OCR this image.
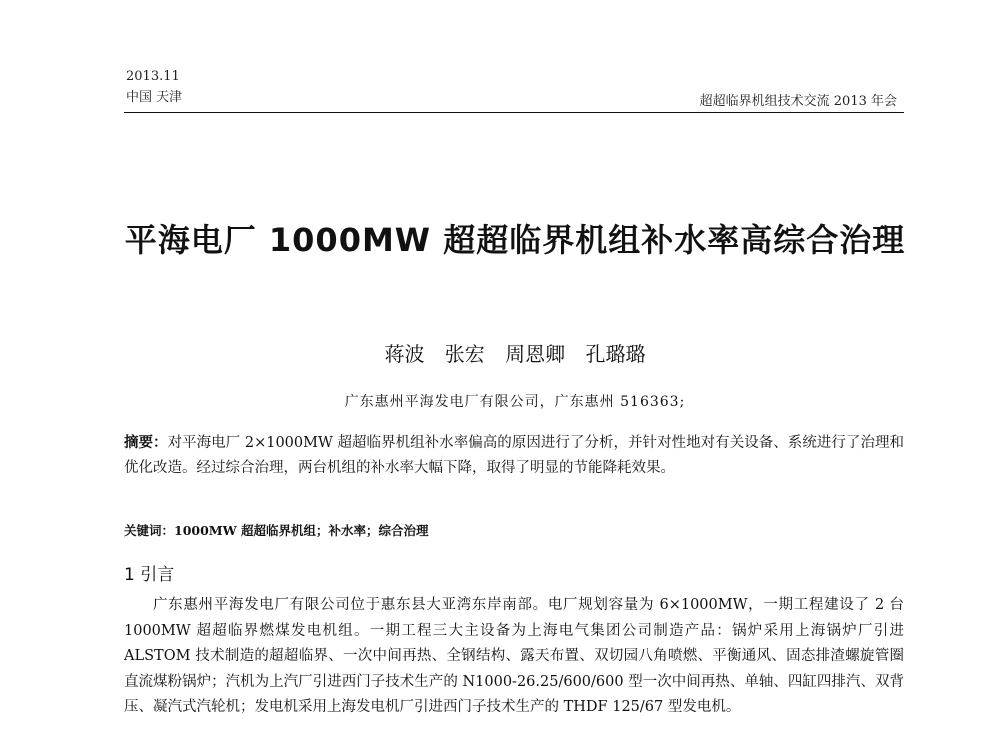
2013.11
中国 天津	超超临界机组技术交流 2013 年会
平海电厂 1000MW 超超临界机组补水率高综合治理
蒋波 张宏 周恩卿 孔璐璐
广东惠州平海发电厂有限公司，广东惠州 516363;
摘要：对平海电厂 2×1000MW 超超临界机组补水率偏高的原因进行了分析，并针对性地对有关设备、系统进行了治理和优化改造。经过综合治理，两台机组的补水率大幅下降，取得了明显的节能降耗效果。
关键词：1000MW 超超临界机组；补水率；综合治理
1 引言

广东惠州平海发电厂有限公司位于惠东县大亚湾东岸南部。电厂规划容量为 6×1000MW，一期工程建设了 2 台 1000MW 超超临界燃煤发电机组。一期工程三大主设备为上海电气集团公司制造产品：锅炉采用上海锅炉厂引进 ALSTOM 技术制造的超超临界、一次中间再热、全钢结构、露天布置、双切园八角喷燃、平衡通风、固态排渣螺旋管圈直流煤粉锅炉；汽机为上汽厂引进西门子技术生产的 N1000-26.25/600/600 型一次中间再热、单轴、四缸四排汽、双背压、凝汽式汽轮机；发电机采用上海发电机厂引进西门子技术生产的 THDF 125/67 型发电机。
